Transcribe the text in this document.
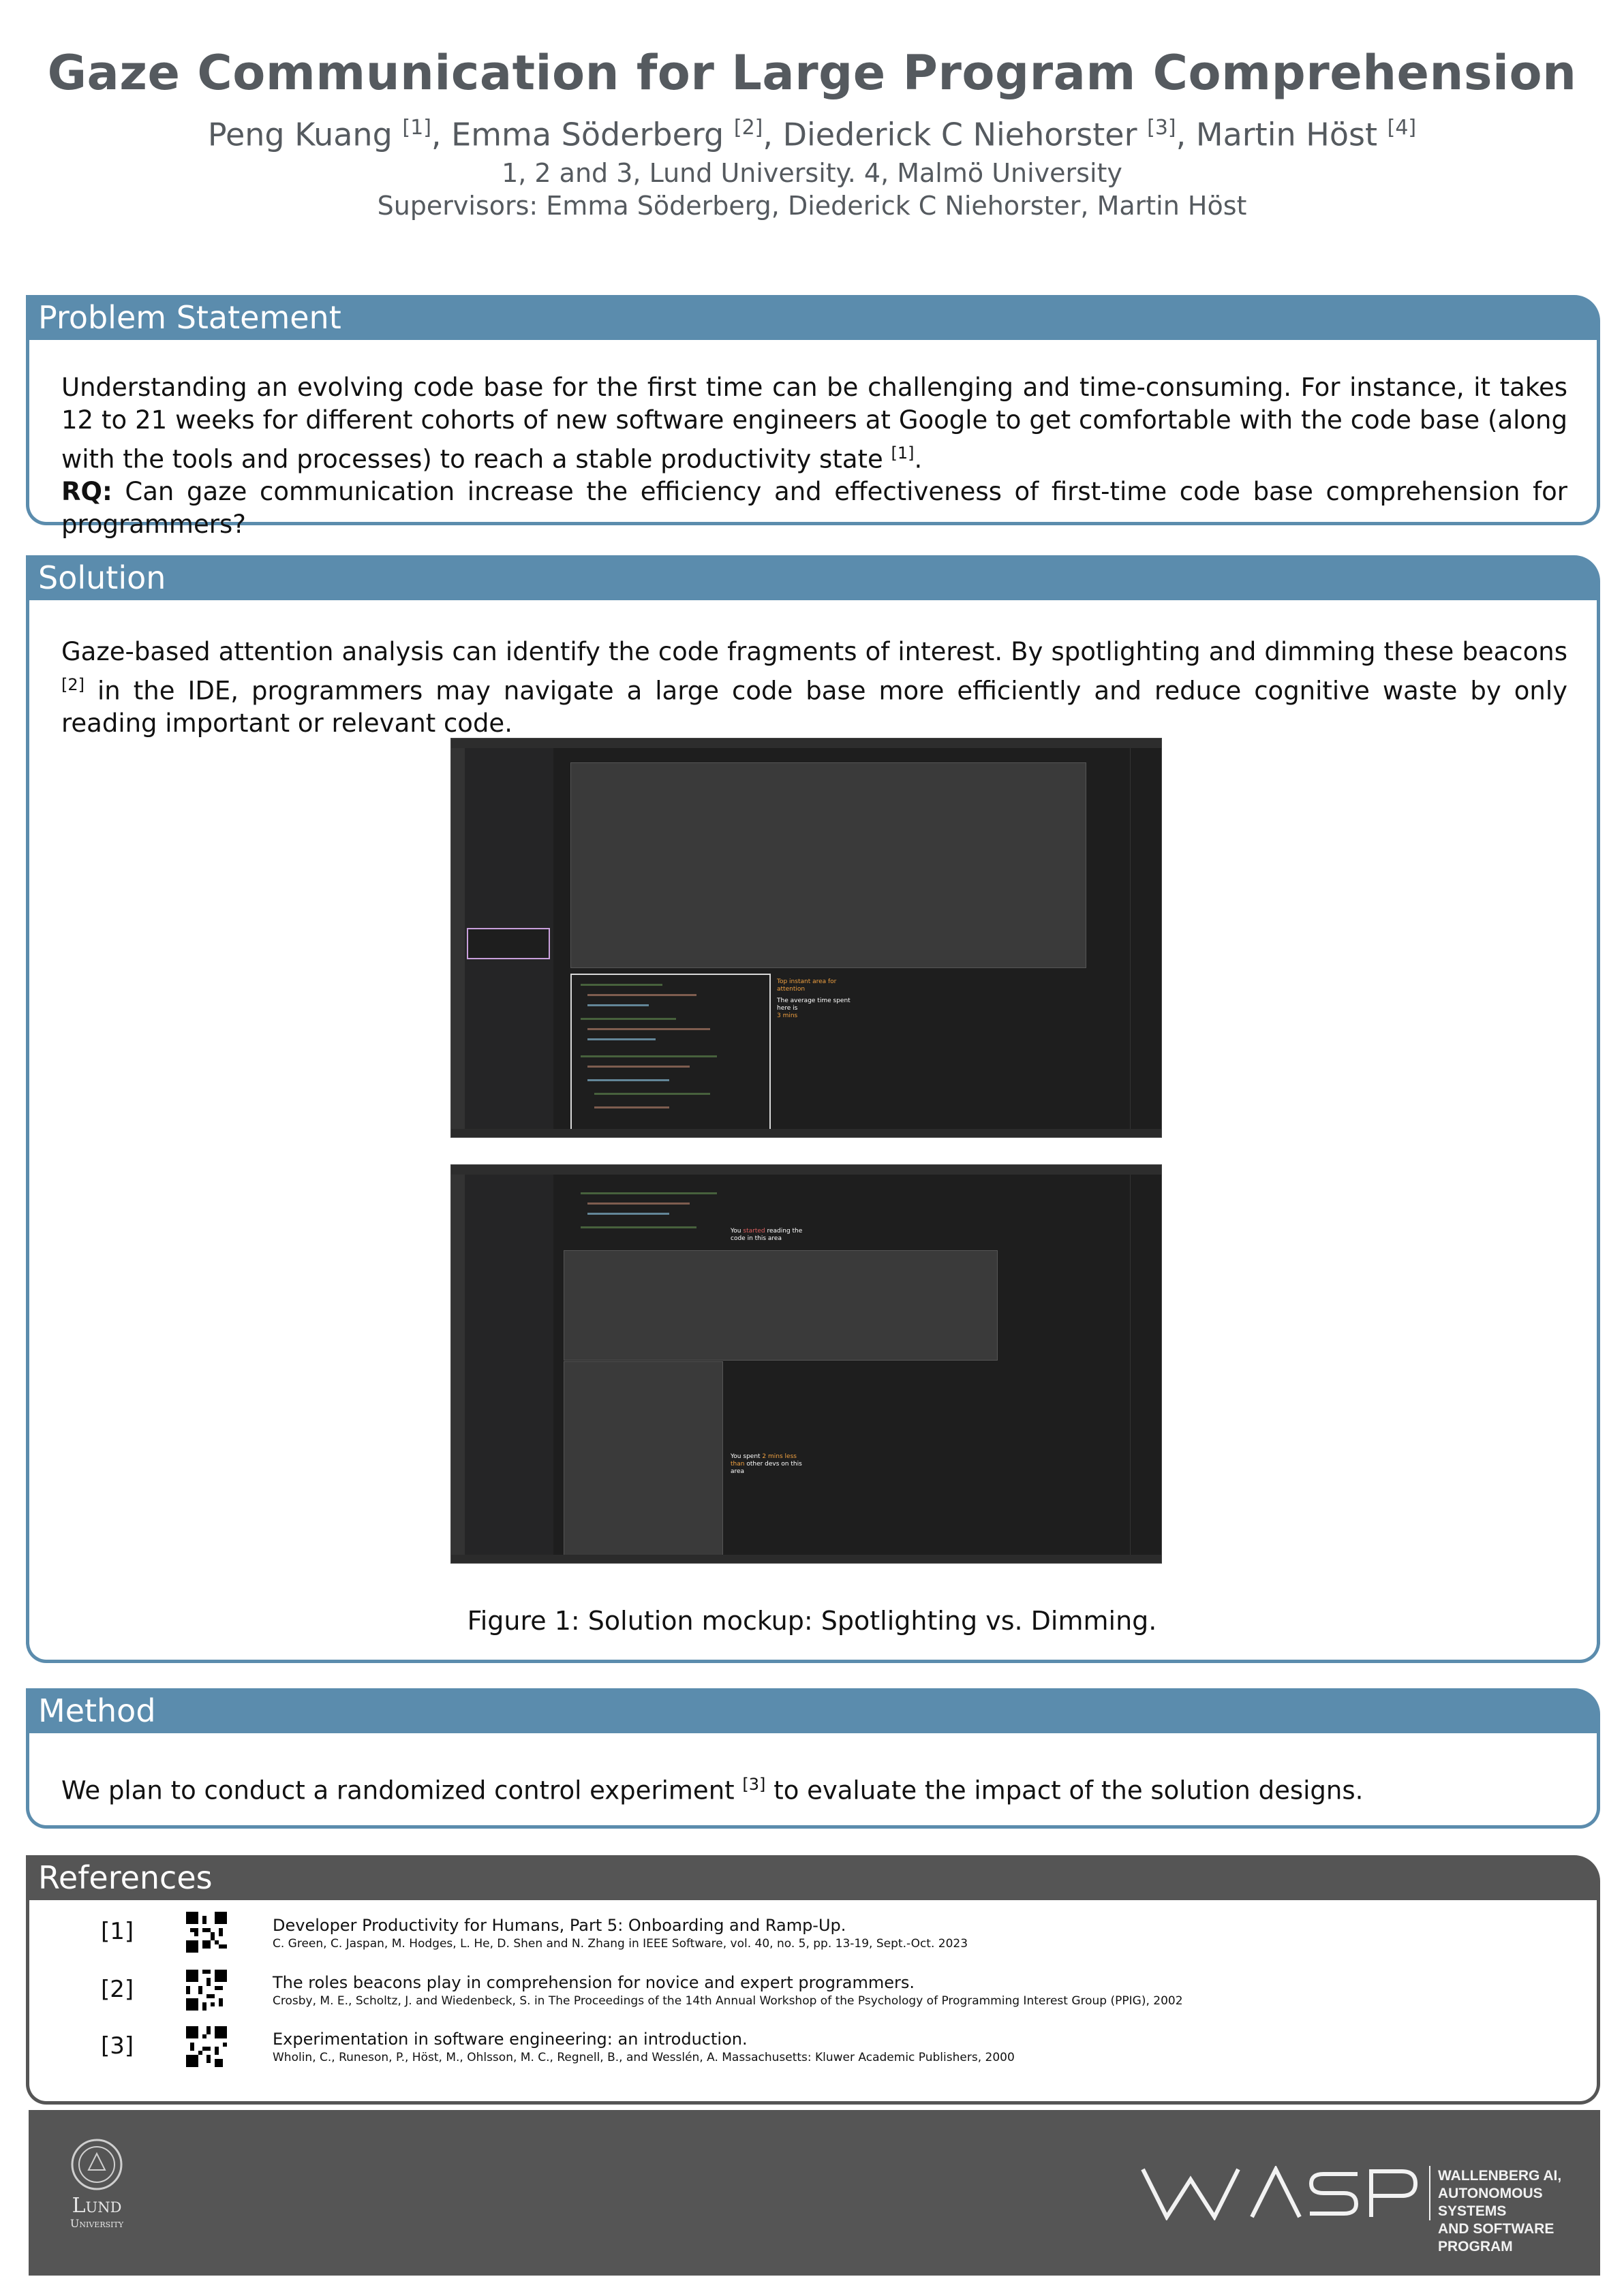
Gaze Communication for Large Program Comprehension
Peng Kuang [1], Emma Söderberg [2], Diederick C Niehorster [3], Martin Höst [4]
1, 2 and 3, Lund University. 4, Malmö University
Supervisors: Emma Söderberg, Diederick C Niehorster, Martin Höst
Problem Statement
Understanding an evolving code base for the first time can be challenging and time-consuming. For instance, it takes 12 to 21 weeks for different cohorts of new software engineers at Google to get comfortable with the code base (along with the tools and processes) to reach a stable productivity state [1].
RQ: Can gaze communication increase the efficiency and effectiveness of first-time code base comprehension for programmers?
Solution
Gaze-based attention analysis can identify the code fragments of interest. By spotlighting and dimming these beacons [2] in the IDE, programmers may navigate a large code base more efficiently and reduce cognitive waste by only reading important or relevant code.
Top instant area for attention
The average time spent here is
3 mins
You started reading the code in this area
You spent 2 mins less than other devs on this area
Figure 1: Solution mockup: Spotlighting vs. Dimming.
Method
We plan to conduct a randomized control experiment [3] to evaluate the impact of the solution designs.
References
[1]	Developer Productivity for Humans, Part 5: Onboarding and Ramp-Up.
C. Green, C. Jaspan, M. Hodges, L. He, D. Shen and N. Zhang in IEEE Software, vol. 40, no. 5, pp. 13-19, Sept.-Oct. 2023
[2]	The roles beacons play in comprehension for novice and expert programmers.
Crosby, M. E., Scholtz, J. and Wiedenbeck, S. in The Proceedings of the 14th Annual Workshop of the Psychology of Programming Interest Group (PPIG), 2002
[3]	Experimentation in software engineering: an introduction.
Wholin, C., Runeson, P., Höst, M., Ohlsson, M. C., Regnell, B., and Wesslén, A. Massachusetts: Kluwer Academic Publishers, 2000
Lund
University
WALLENBERG AI,
AUTONOMOUS SYSTEMS
AND SOFTWARE PROGRAM
